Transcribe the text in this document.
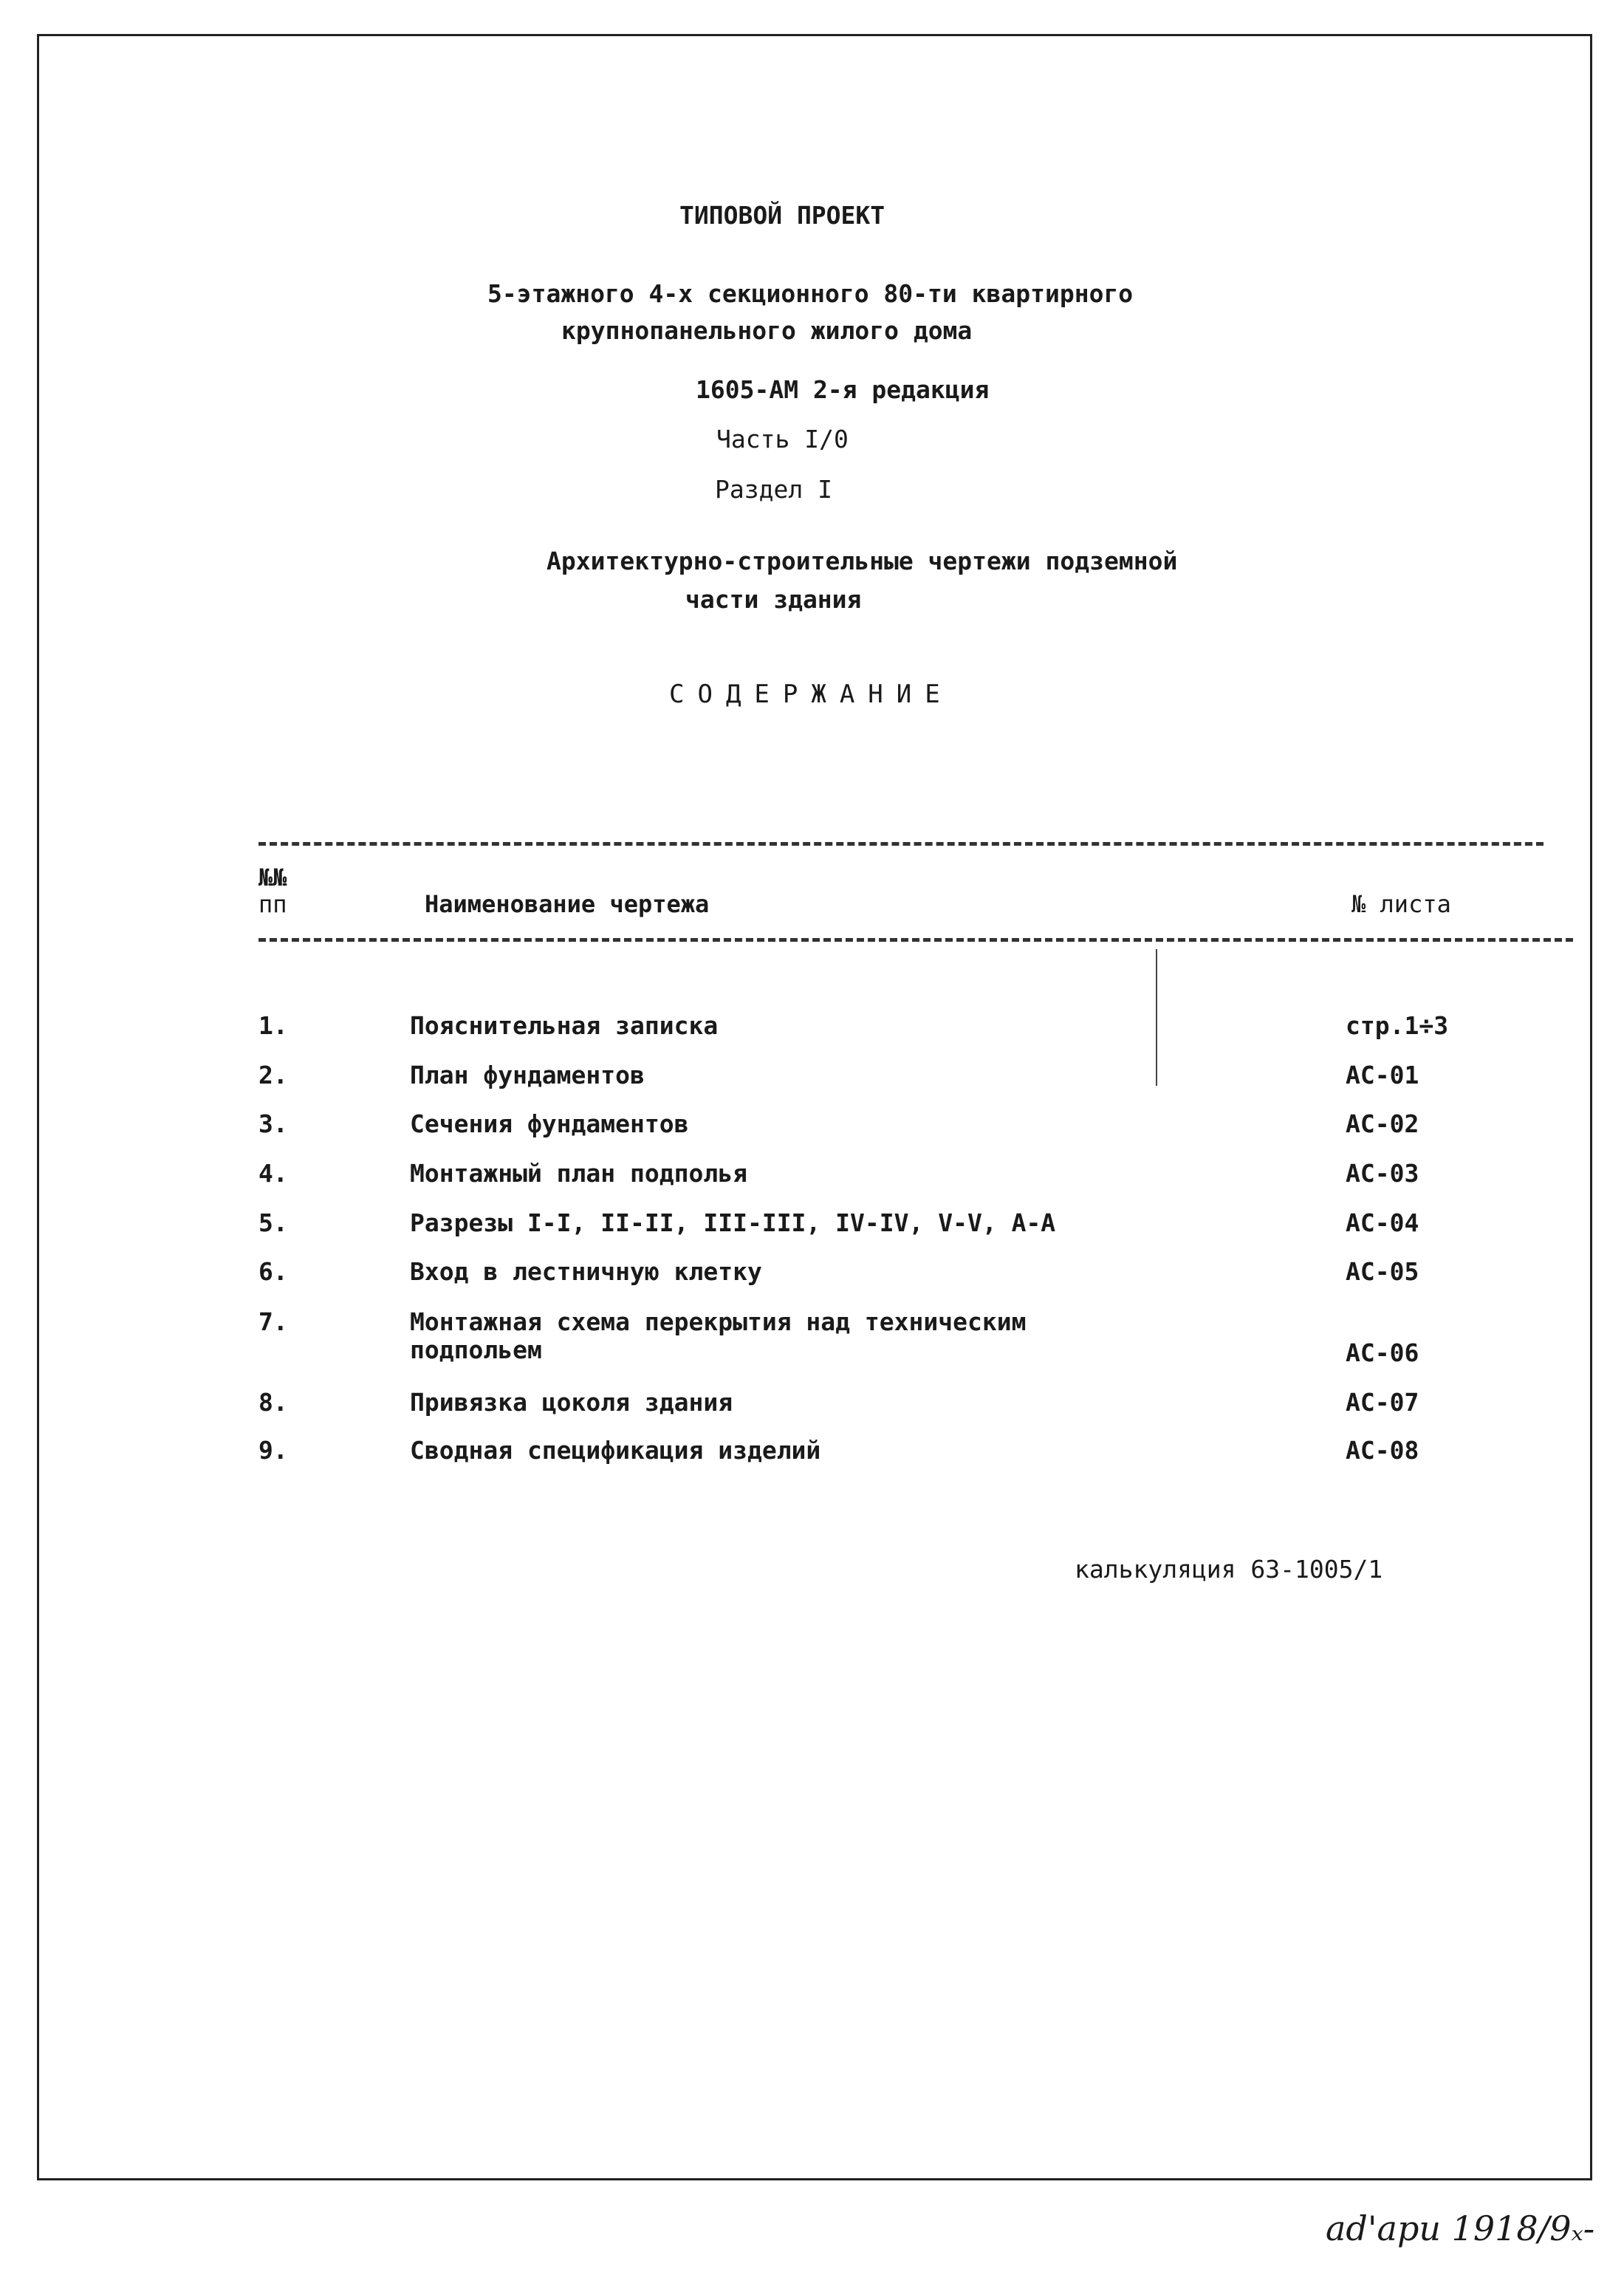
ТИПОВОЙ ПРОЕКТ
5-этажного 4-х секционного 80-ти квартирного
крупнопанельного жилого дома
1605-АМ 2-я редакция
Часть I/0
Раздел I
Архитектурно-строительные чертежи подземной
части здания
СОДЕРЖАНИЕ
№№
пп	Наименование чертежа	№ листа
1.	Пояснительная записка	стр.1÷3
2.	План фундаментов	АС-01
3.	Сечения фундаментов	АС-02
4.	Монтажный план подполья	АС-03
5.	Разрезы I-I, II-II, III-III, IV-IV, V-V, А-А	АС-04
6.	Вход в лестничную клетку	АС-05
7.	Монтажная схема перекрытия над техническим
подпольем	АС-06
8.	Привязка цоколя здания	АС-07
9.	Сводная спецификация изделий	АС-08
калькуляция 63-1005/1
ad'apu 1918/9ₓ-
